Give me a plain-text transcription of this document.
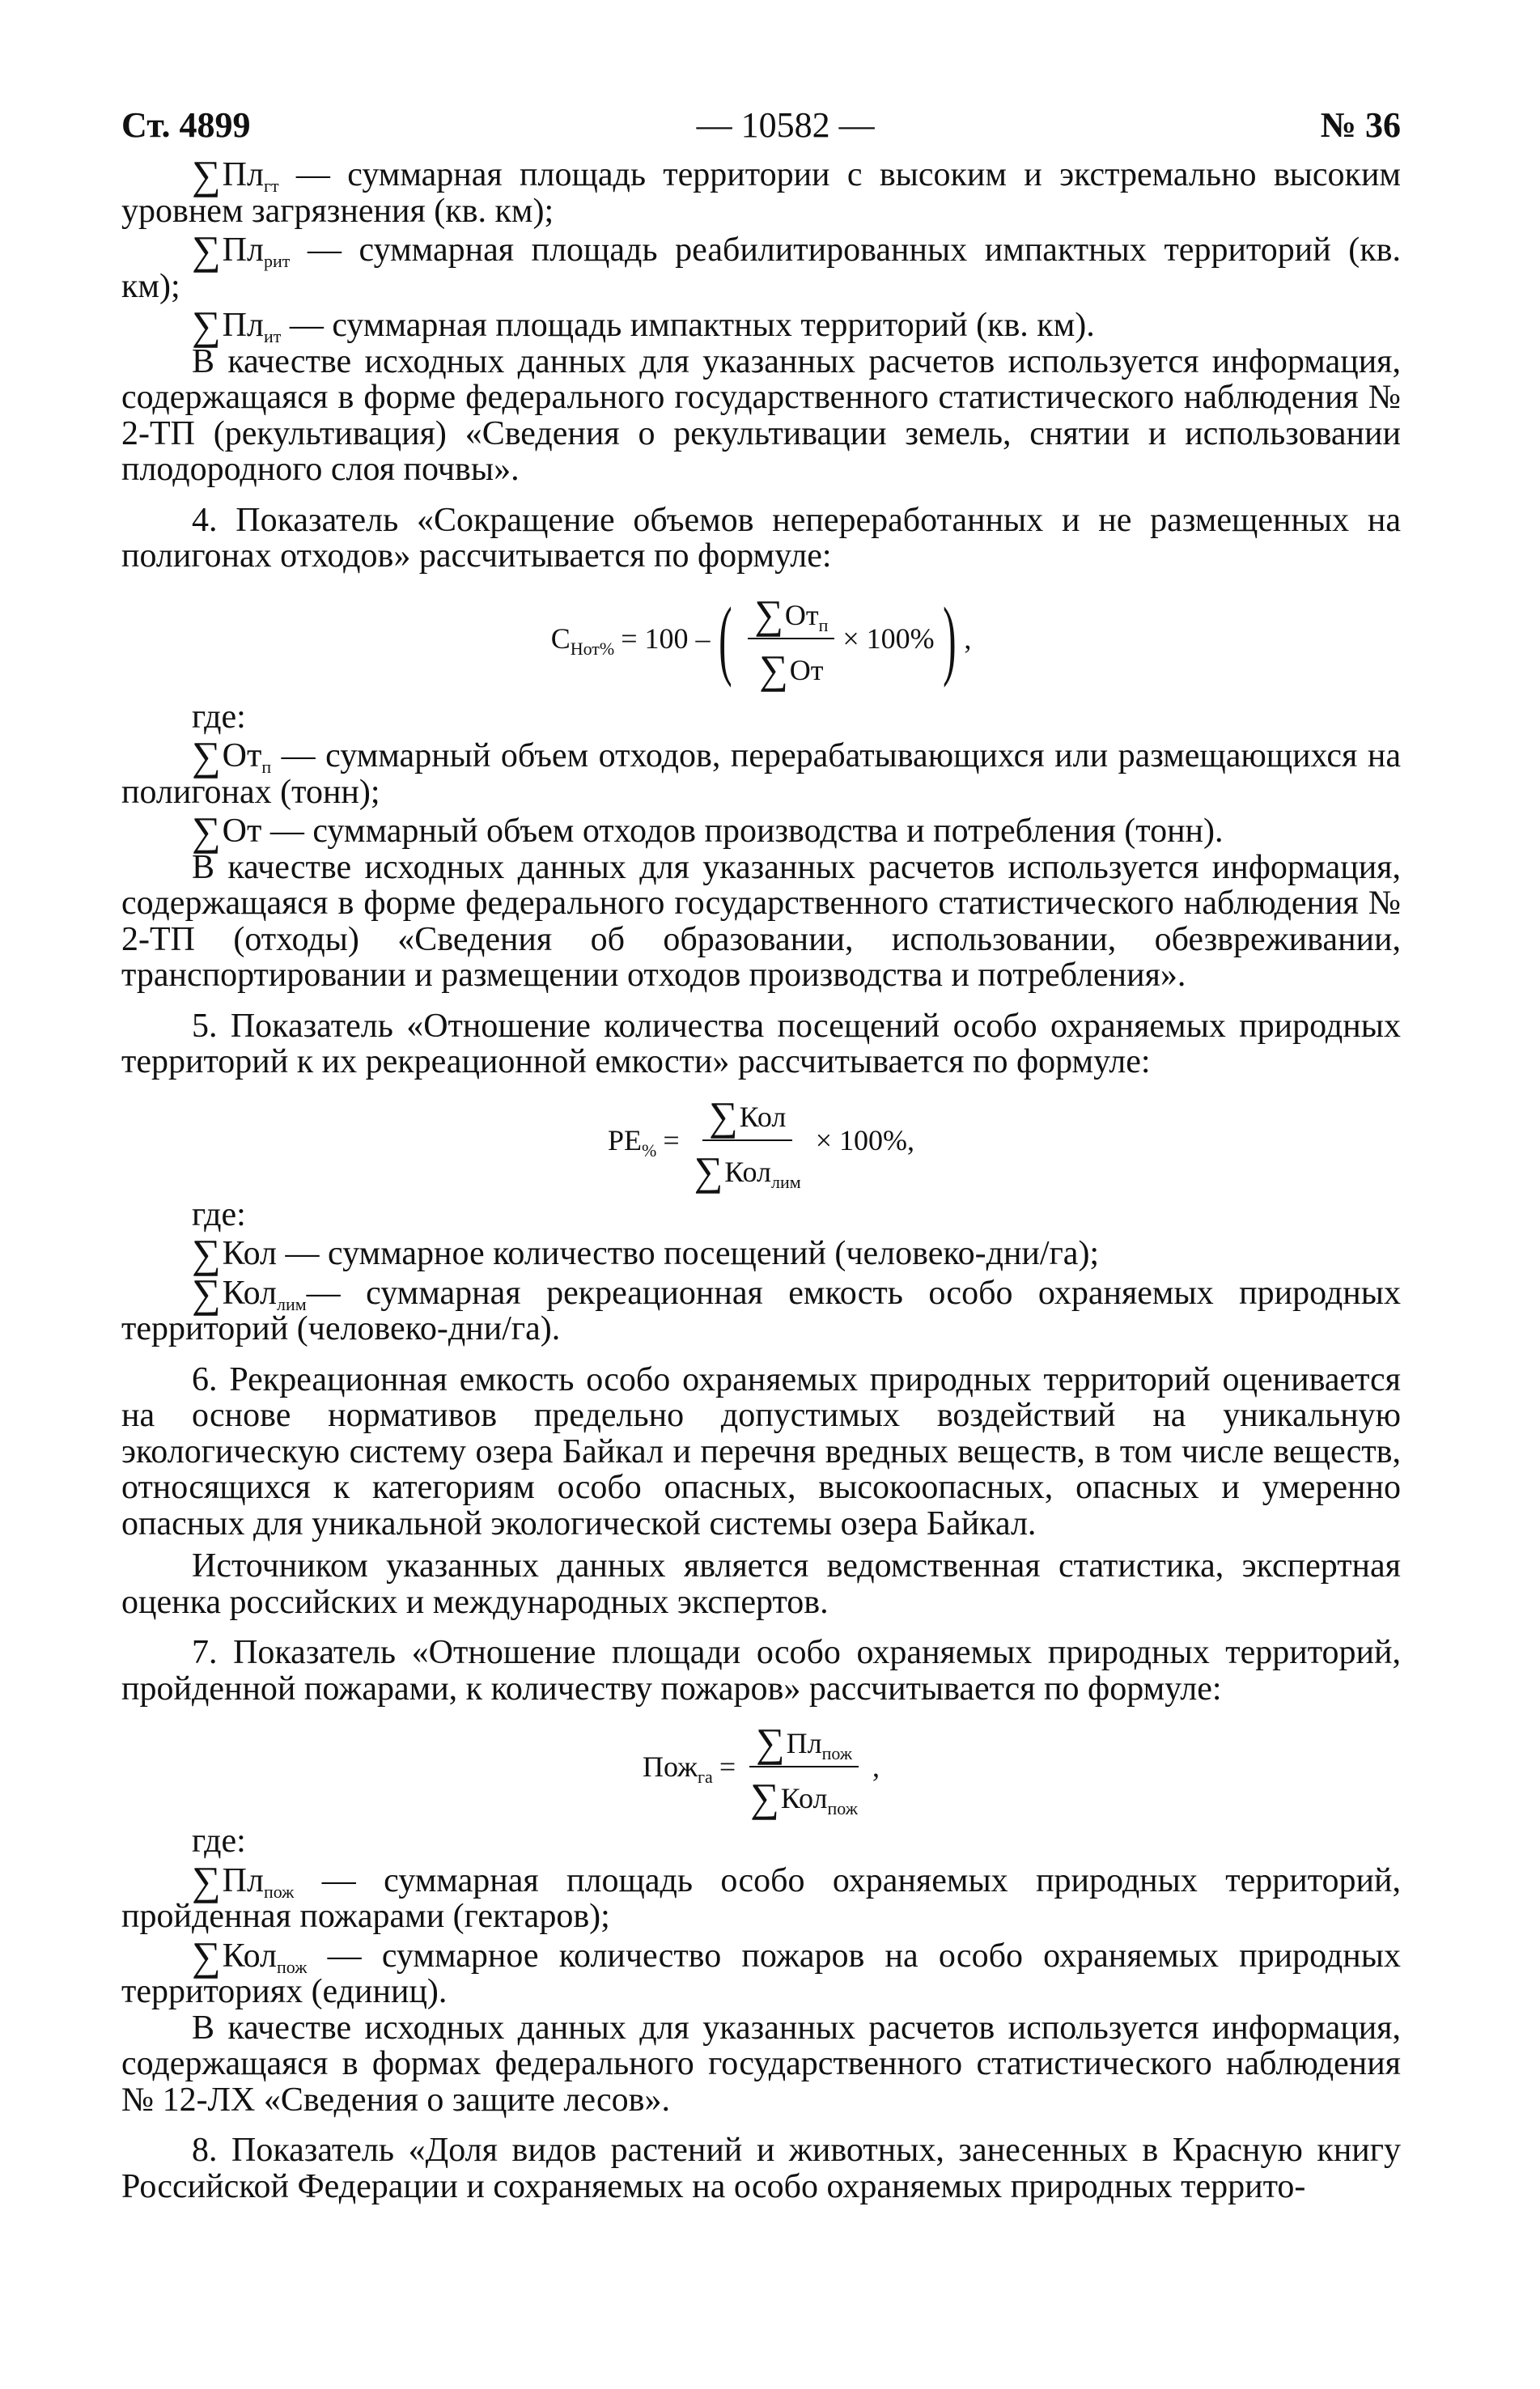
Ст. 4899	— 10582 —	№ 36

$\sum Пл_{гт}$ — суммарная площадь территории с высоким и экстремально высоким уровнем загрязнения (кв. км);

$\sum Пл_{рит}$ — суммарная площадь реабилитированных импактных территорий (кв. км);

$\sum Пл_{ит}$ — суммарная площадь импактных территорий (кв. км).

В качестве исходных данных для указанных расчетов используется информация, содержащаяся в форме федерального государственного статистического наблюдения № 2-ТП (рекультивация) «Сведения о рекультивации земель, снятии и использовании плодородного слоя почвы».

4. Показатель «Сокращение объемов непереработанных и не размещенных на полигонах отходов» рассчитывается по формуле:

$С_{Нот\%} = 100$ – ( $\frac{\sum От_п}{\sum От} \times 100\%$ ) ,

где:

$\sum От_п$ — суммарный объем отходов, перерабатывающихся или размещающихся на полигонах (тонн);

∑От — суммарный объем отходов производства и потребления (тонн).

В качестве исходных данных для указанных расчетов используется информация, содержащаяся в форме федерального государственного статистического наблюдения № 2-ТП (отходы) «Сведения об образовании, использовании, обезвреживании, транспортировании и размещении отходов производства и потребления».

5. Показатель «Отношение количества посещений особо охраняемых природных территорий к их рекреационной емкости» рассчитывается по формуле:

$РЕ_{\%} = \frac{\text{∑Кол}}{\sum Кол_{лим}} \times 100\%$,

где:

∑Кол — суммарное количество посещений (человеко-дни/га);

∑Кол$_{лим}$— суммарная рекреационная емкость особо охраняемых природных территорий (человеко-дни/га).

6. Рекреационная емкость особо охраняемых природных территорий оценивается на основе нормативов предельно допустимых воздействий на уникальную экологическую систему озера Байкал и перечня вредных веществ, в том числе веществ, относящихся к категориям особо опасных, высокоопасных, опасных и умеренно опасных для уникальной экологической системы озера Байкал.

Источником указанных данных является ведомственная статистика, экспертная оценка российских и международных экспертов.

7. Показатель «Отношение площади особо охраняемых природных территорий, пройденной пожарами, к количеству пожаров» рассчитывается по формуле:

$Пож_{га} = \frac{\sum Пл_{пож}}{\sum Кол_{пож}}$ ,

где:

$\sum Пл_{пож}$ — суммарная площадь особо охраняемых природных территорий, пройденная пожарами (гектаров);

∑Кол$_{пож}$ — суммарное количество пожаров на особо охраняемых природных территориях (единиц).

В качестве исходных данных для указанных расчетов используется информация, содержащаяся в формах федерального государственного статистического наблюдения № 12-ЛХ «Сведения о защите лесов».

8. Показатель «Доля видов растений и животных, занесенных в Красную книгу Российской Федерации и сохраняемых на особо охраняемых природных террито-
